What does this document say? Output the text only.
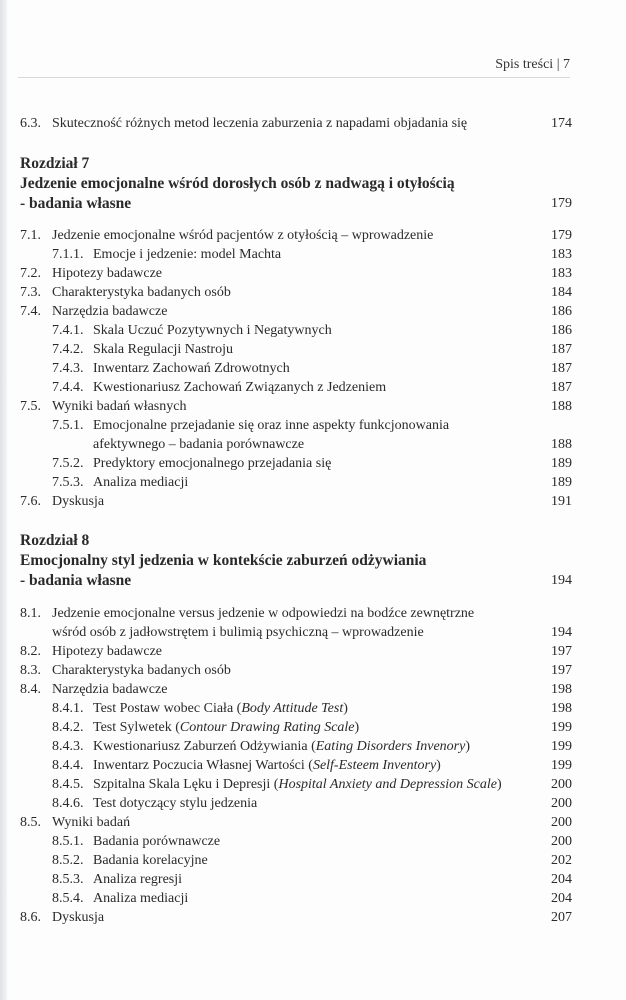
Spis treści | 7
6.3. Skuteczność różnych metod leczenia zaburzenia z napadami objadania się	174
Rozdział 7
Jedzenie emocjonalne wśród dorosłych osób z nadwagą i otyłością
- badania własne	179
7.1. Jedzenie emocjonalne wśród pacjentów z otyłością – wprowadzenie	179
7.1.1. Emocje i jedzenie: model Machta	183
7.2. Hipotezy badawcze	183
7.3. Charakterystyka badanych osób	184
7.4. Narzędzia badawcze	186
7.4.1. Skala Uczuć Pozytywnych i Negatywnych	186
7.4.2. Skala Regulacji Nastroju	187
7.4.3. Inwentarz Zachowań Zdrowotnych	187
7.4.4. Kwestionariusz Zachowań Związanych z Jedzeniem	187
7.5. Wyniki badań własnych	188
7.5.1. Emocjonalne przejadanie się oraz inne aspekty funkcjonowania
afektywnego – badania porównawcze	188
7.5.2. Predyktory emocjonalnego przejadania się	189
7.5.3. Analiza mediacji	189
7.6. Dyskusja	191
Rozdział 8
Emocjonalny styl jedzenia w kontekście zaburzeń odżywiania
- badania własne	194
8.1. Jedzenie emocjonalne versus jedzenie w odpowiedzi na bodźce zewnętrzne
wśród osób z jadłowstrętem i bulimią psychiczną – wprowadzenie	194
8.2. Hipotezy badawcze	197
8.3. Charakterystyka badanych osób	197
8.4. Narzędzia badawcze	198
8.4.1. Test Postaw wobec Ciała (Body Attitude Test)	198
8.4.2. Test Sylwetek (Contour Drawing Rating Scale)	199
8.4.3. Kwestionariusz Zaburzeń Odżywiania (Eating Disorders Invenory)	199
8.4.4. Inwentarz Poczucia Własnej Wartości (Self-Esteem Inventory)	199
8.4.5. Szpitalna Skala Lęku i Depresji (Hospital Anxiety and Depression Scale)	200
8.4.6. Test dotyczący stylu jedzenia	200
8.5. Wyniki badań	200
8.5.1. Badania porównawcze	200
8.5.2. Badania korelacyjne	202
8.5.3. Analiza regresji	204
8.5.4. Analiza mediacji	204
8.6. Dyskusja	207
